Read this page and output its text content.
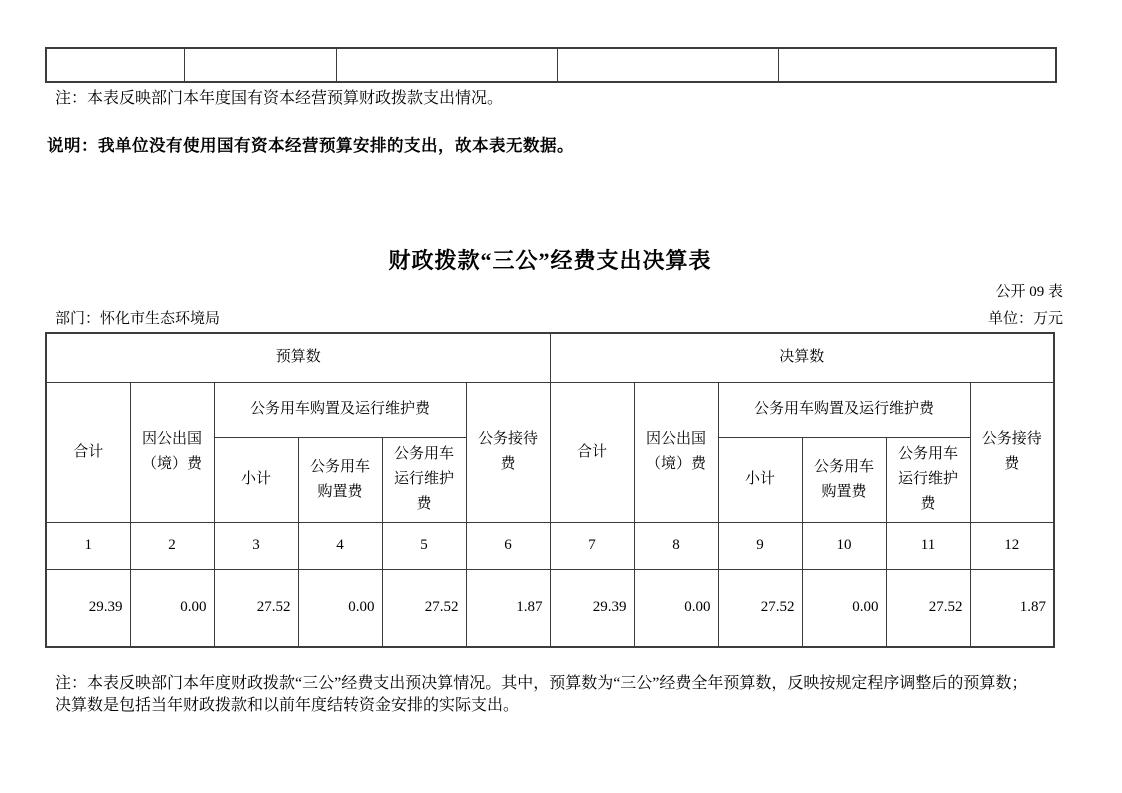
注：本表反映部门本年度国有资本经营预算财政拨款支出情况。
说明：我单位没有使用国有资本经营预算安排的支出，故本表无数据。
财政拨款“三公”经费支出决算表
公开 09 表
部门：怀化市生态环境局	单位：万元
预算数						决算数					
合计	因公出国（境）费	公务用车购置及运行维护费			公务接待费	合计	因公出国（境）费	公务用车购置及运行维护费			公务接待费
		小计	公务用车购置费	公务用车运行维护费				小计	公务用车购置费	公务用车运行维护费	
1	2	3	4	5	6	7	8	9	10	11	12
29.39	0.00	27.52	0.00	27.52	1.87	29.39	0.00	27.52	0.00	27.52	1.87
注：本表反映部门本年度财政拨款“三公”经费支出预决算情况。其中，预算数为“三公”经费全年预算数，反映按规定程序调整后的预算数；
决算数是包括当年财政拨款和以前年度结转资金安排的实际支出。
